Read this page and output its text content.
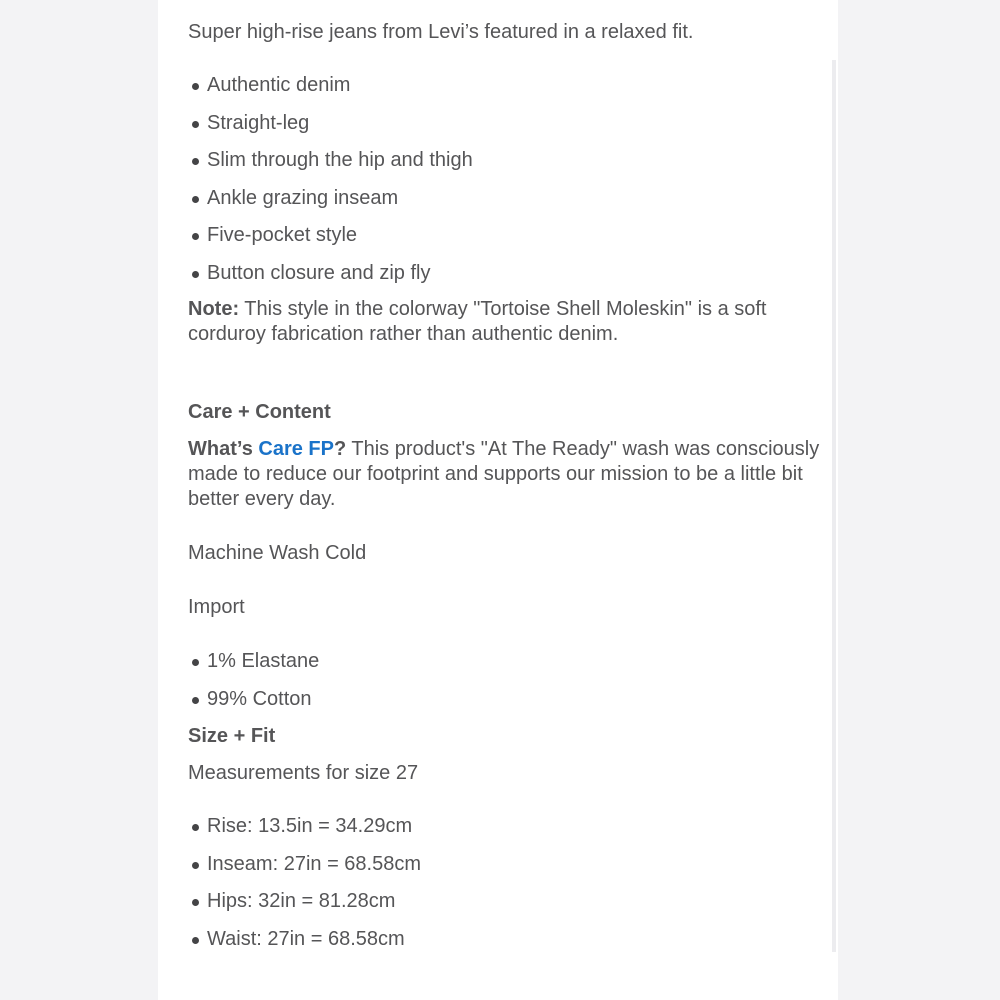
Super high-rise jeans from Levi’s featured in a relaxed fit.

Authentic denim
Straight-leg
Slim through the hip and thigh
Ankle grazing inseam
Five-pocket style
Button closure and zip fly

Note: This style in the colorway "Tortoise Shell Moleskin" is a soft corduroy fabrication rather than authentic denim.

Care + Content

What’s Care FP? This product's "At The Ready" wash was consciously made to reduce our footprint and supports our mission to be a little bit better every day.

Machine Wash Cold

Import

1% Elastane
99% Cotton

Size + Fit

Measurements for size 27

Rise: 13.5in = 34.29cm
Inseam: 27in = 68.58cm
Hips: 32in = 81.28cm
Waist: 27in = 68.58cm
